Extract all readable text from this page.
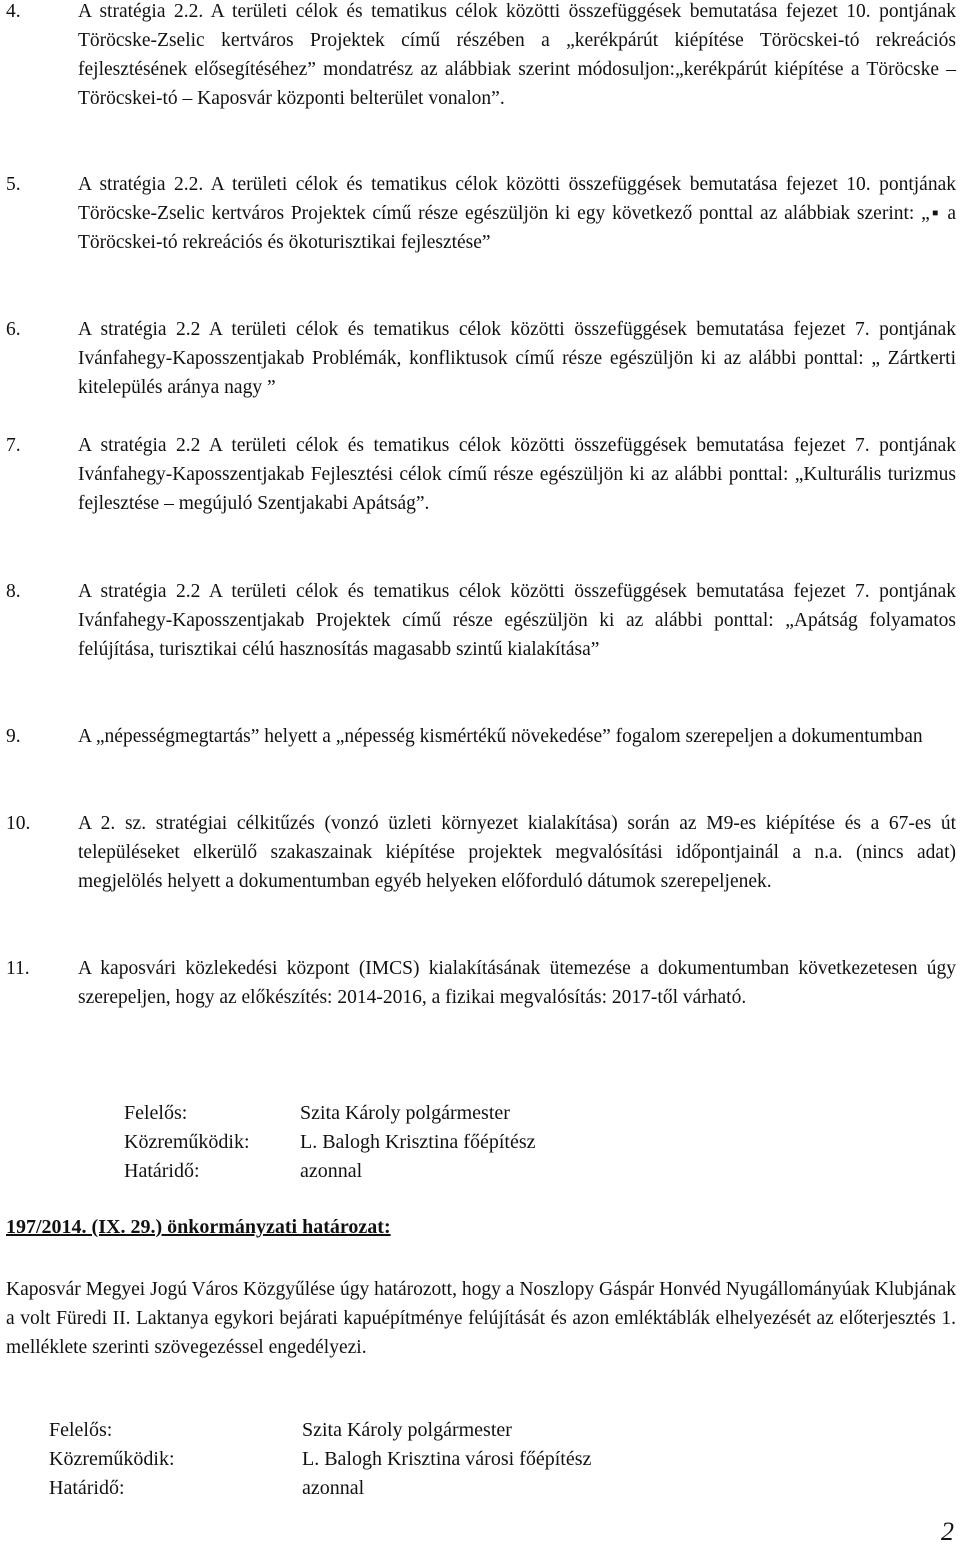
4.	A stratégia 2.2. A területi célok és tematikus célok közötti összefüggések bemutatása fejezet 10. pontjának Töröcske-Zselic kertváros Projektek című részében a „kerékpárút kiépítése Töröcskei-tó rekreációs fejlesztésének elősegítéséhez” mondatrész az alábbiak szerint módosuljon:„kerékpárút kiépítése a Töröcske – Töröcskei-tó – Kaposvár központi belterület vonalon”.
5.	A stratégia 2.2. A területi célok és tematikus célok közötti összefüggések bemutatása fejezet 10. pontjának Töröcske-Zselic kertváros Projektek című része egészüljön ki egy következő ponttal az alábbiak szerint: „▪ a Töröcskei-tó rekreációs és ökoturisztikai fejlesztése”
6.	A stratégia 2.2 A területi célok és tematikus célok közötti összefüggések bemutatása fejezet 7. pontjának Ivánfahegy-Kaposszentjakab Problémák, konfliktusok című része egészüljön ki az alábbi ponttal: „ Zártkerti kitelepülés aránya nagy ”
7.	A stratégia 2.2 A területi célok és tematikus célok közötti összefüggések bemutatása fejezet 7. pontjának Ivánfahegy-Kaposszentjakab Fejlesztési célok című része egészüljön ki az alábbi ponttal: „Kulturális turizmus fejlesztése – megújuló Szentjakabi Apátság”.
8.	A stratégia 2.2 A területi célok és tematikus célok közötti összefüggések bemutatása fejezet 7. pontjának Ivánfahegy-Kaposszentjakab Projektek című része egészüljön ki az alábbi ponttal: „Apátság folyamatos felújítása, turisztikai célú hasznosítás magasabb szintű kialakítása”
9.	A „népességmegtartás” helyett a „népesség kismértékű növekedése” fogalom szerepeljen a dokumentumban
10. A 2. sz. stratégiai célkitűzés (vonzó üzleti környezet kialakítása) során az M9-es kiépítése és a 67-es út településeket elkerülő szakaszainak kiépítése projektek megvalósítási időpontjainál a n.a. (nincs adat) megjelölés helyett a dokumentumban egyéb helyeken előforduló dátumok szerepeljenek.
11. A kaposvári közlekedési központ (IMCS) kialakításának ütemezése a dokumentumban következetesen úgy szerepeljen, hogy az előkészítés: 2014-2016, a fizikai megvalósítás: 2017-től várható.
Felelős:	Szita Károly polgármester
Közreműködik:	L. Balogh Krisztina főépítész
Határidő:	azonnal
197/2014. (IX. 29.) önkormányzati határozat:
Kaposvár Megyei Jogú Város Közgyűlése úgy határozott, hogy a Noszlopy Gáspár Honvéd Nyugállományúak Klubjának a volt Füredi II. Laktanya egykori bejárati kapuépítménye felújítását és azon emléktáblák elhelyezését az előterjesztés 1. melléklete szerinti szövegezéssel engedélyezi.
Felelős:	Szita Károly polgármester
Közreműködik:	L. Balogh Krisztina városi főépítész
Határidő:	azonnal
2
